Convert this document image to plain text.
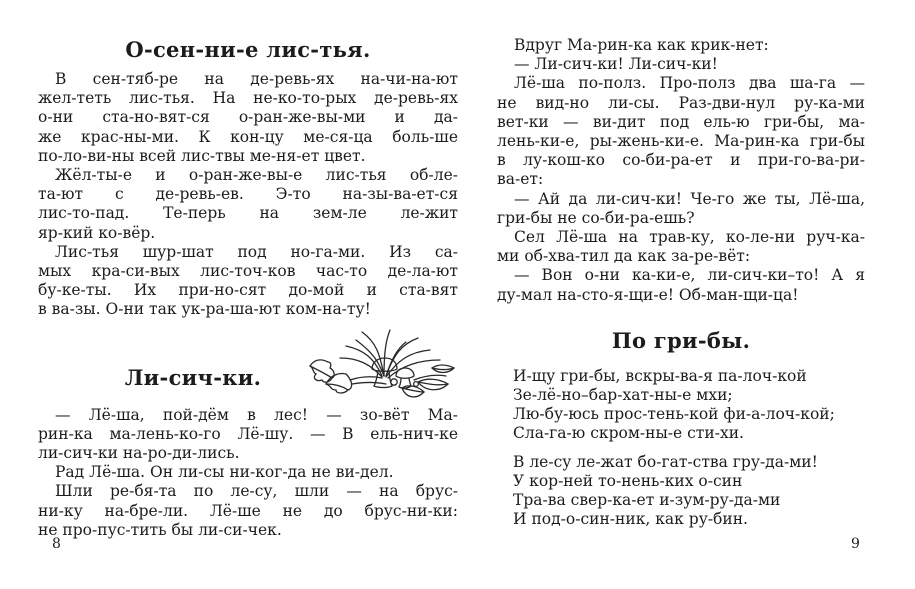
О-сен-ни-е лис-тья.
В сен-тяб-ре на де-ревь-ях на-чи-на-ют
жел-теть лис-тья. На не-ко-то-рых де-ревь-ях
о-ни ста-но-вят-ся о-ран-же-вы-ми и да-
же крас-ны-ми. К кон-цу ме-ся-ца боль-ше
по-ло-ви-ны всей лис-твы ме-ня-ет цвет.
Жёл-ты-е и о-ран-же-вы-е лис-тья об-ле-
та-ют с де-ревь-ев. Э-то на-зы-ва-ет-ся
лис-то-пад. Те-перь на зем-ле ле-жит
яр-кий ко-вёр.
Лис-тья шур-шат под но-га-ми. Из са-
мых кра-си-вых лис-точ-ков час-то де-ла-ют
бу-ке-ты. Их при-но-сят до-мой и ста-вят
в ва-зы. О-ни так ук-ра-ша-ют ком-на-ту!
Ли-сич-ки.
— Лё-ша, пой-дём в лес! — зо-вёт Ма-
рин-ка ма-лень-ко-го Лё-шу. — В ель-нич-ке
ли-сич-ки на-ро-ди-лись.
Рад Лё-ша. Он ли-сы ни-ког-да не ви-дел.
Шли ре-бя-та по ле-су, шли — на брус-
ни-ку на-бре-ли. Лё-ше не до брус-ни-ки:
не про-пус-тить бы ли-си-чек.
Вдруг Ма-рин-ка как крик-нет:
— Ли-сич-ки! Ли-сич-ки!
Лё-ша по-полз. Про-полз два ша-га —
не вид-но ли-сы. Раз-дви-нул ру-ка-ми
вет-ки — ви-дит под ель-ю гри-бы, ма-
лень-ки-е, ры-жень-ки-е. Ма-рин-ка гри-бы
в лу-кош-ко со-би-ра-ет и при-го-ва-ри-
ва-ет:
— Ай да ли-сич-ки! Че-го же ты, Лё-ша,
гри-бы не со-би-ра-ешь?
Сел Лё-ша на трав-ку, ко-ле-ни руч-ка-
ми об-хва-тил да как за-ре-вёт:
— Вон о-ни ка-ки-е, ли-сич-ки–то! А я
ду-мал на-сто-я-щи-е! Об-ман-щи-ца!
По гри-бы.
И-щу гри-бы, вскры-ва-я па-лоч-кой
Зе-лё-но–бар-хат-ны-е мхи;
Лю-бу-юсь прос-тень-кой фи-а-лоч-кой;
Сла-га-ю скром-ны-е сти-хи.
В ле-су ле-жат бо-гат-ства гру-да-ми!
У кор-ней то-нень-ких о-син
Тра-ва свер-ка-ет и-зум-ру-да-ми
И под-о-син-ник, как ру-бин.
8	9
